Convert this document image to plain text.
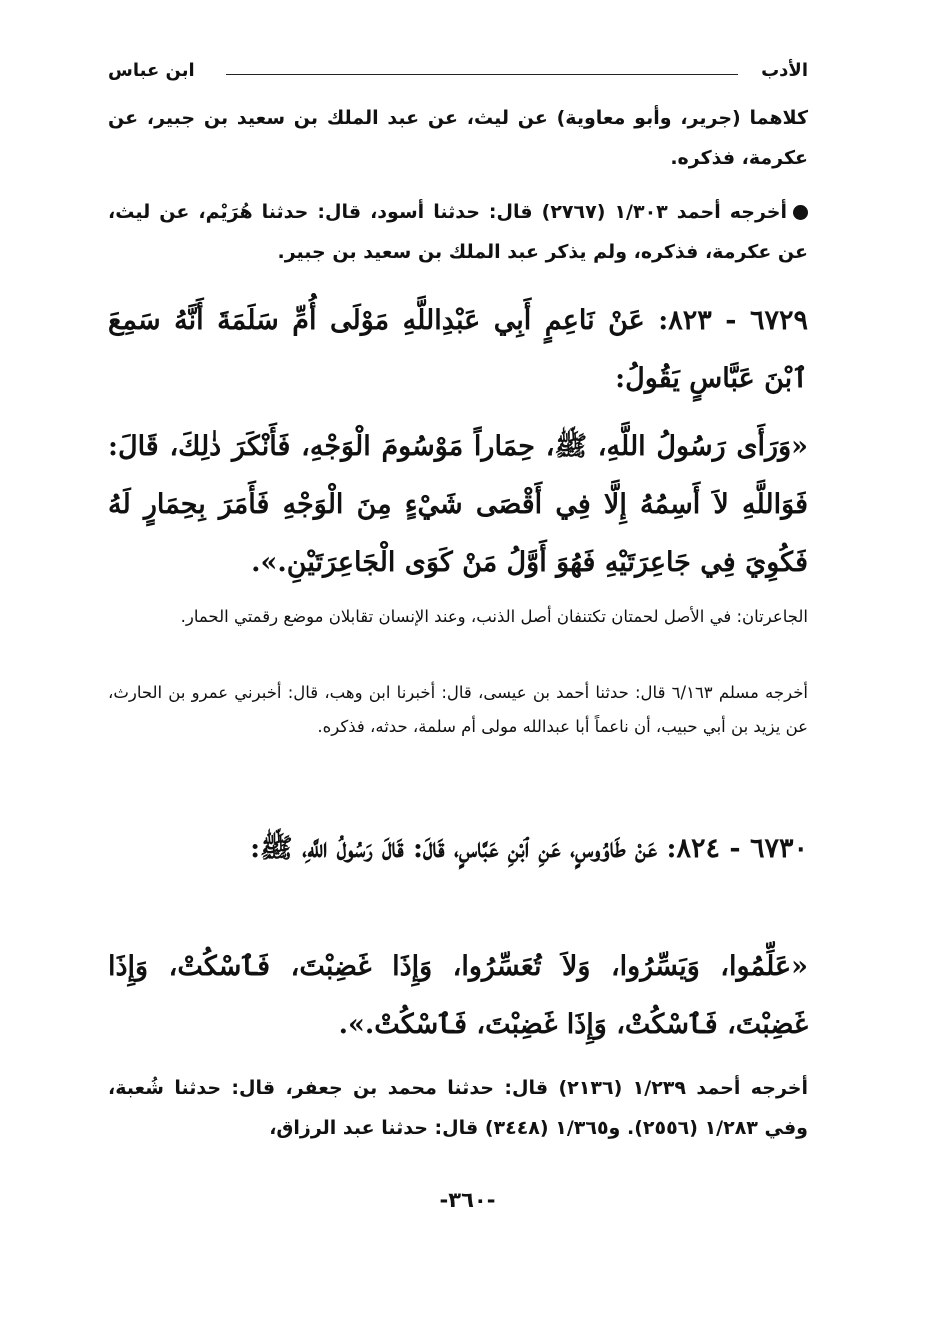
الأدب
ابن عباس
كلاهما (جرير، وأبو معاوية) عن ليث، عن عبد الملك بن سعيد بن جبير، عن عكرمة، فذكره.
أخرجه أحمد ١/٣٠٣ (٢٧٦٧) قال: حدثنا أسود، قال: حدثنا هُرَيْم، عن ليث، عن عكرمة، فذكره، ولم يذكر عبد الملك بن سعيد بن جبير.
٦٧٢٩ - ٨٢٣: عَنْ نَاعِمٍ أَبِي عَبْدِاللَّهِ مَوْلَى أُمِّ سَلَمَةَ أَنَّهُ سَمِعَ ٱبْنَ عَبَّاسٍ يَقُولُ:
«وَرَأَى رَسُولُ اللَّهِ، ﷺ، حِمَاراً مَوْسُومَ الْوَجْهِ، فَأَنْكَرَ ذٰلِكَ، قَالَ: فَوَاللَّهِ لاَ أَسِمُهُ إِلَّا فِي أَقْصَى شَيْءٍ مِنَ الْوَجْهِ فَأَمَرَ بِحِمَارٍ لَهُ فَكُوِيَ فِي جَاعِرَتَيْهِ فَهُوَ أَوَّلُ مَنْ كَوَى الْجَاعِرَتَيْنِ.».
الجاعرتان: في الأصل لحمتان تكتنفان أصل الذنب، وعند الإنسان تقابلان موضع رقمتي الحمار.
أخرجه مسلم ٦/١٦٣ قال: حدثنا أحمد بن عيسى، قال: أخبرنا ابن وهب، قال: أخبرني عمرو بن الحارث، عن يزيد بن أبي حبيب، أن ناعماً أبا عبدالله مولى أم سلمة، حدثه، فذكره.
٦٧٣٠ - ٨٢٤: عَنْ طَاوُوسٍ، عَنِ ٱبْنِ عَبَّاسٍ، قَالَ: قَالَ رَسُولُ اللَّهِ، ﷺ:
«عَلِّمُوا، وَيَسِّرُوا، وَلاَ تُعَسِّرُوا، وَإِذَا غَضِبْتَ، فَٱسْكُتْ، وَإِذَا غَضِبْتَ، فَٱسْكُتْ، وَإِذَا غَضِبْتَ، فَٱسْكُتْ.».
أخرجه أحمد ١/٢٣٩ (٢١٣٦) قال: حدثنا محمد بن جعفر، قال: حدثنا شُعبة، وفي ١/٢٨٣ (٢٥٥٦). و١/٣٦٥ (٣٤٤٨) قال: حدثنا عبد الرزاق،
-٣٦٠-
